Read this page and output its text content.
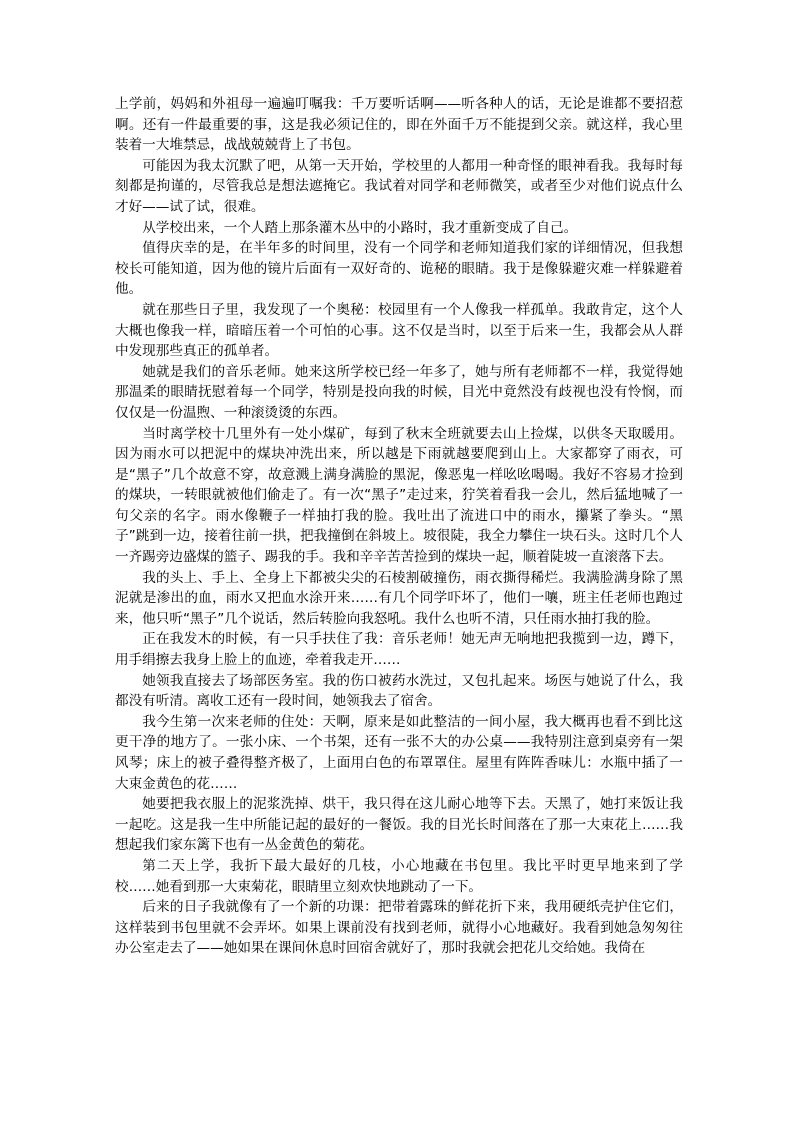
上学前，妈妈和外祖母一遍遍叮嘱我：千万要听话啊——听各种人的话，无论是谁都不要招惹啊。还有一件最重要的事，这是我必须记住的，即在外面千万不能提到父亲。就这样，我心里装着一大堆禁忌，战战兢兢背上了书包。

可能因为我太沉默了吧，从第一天开始，学校里的人都用一种奇怪的眼神看我。我每时每刻都是拘谨的，尽管我总是想法遮掩它。我试着对同学和老师微笑，或者至少对他们说点什么才好——试了试，很难。

从学校出来，一个人踏上那条灌木丛中的小路时，我才重新变成了自己。

值得庆幸的是，在半年多的时间里，没有一个同学和老师知道我们家的详细情况，但我想校长可能知道，因为他的镜片后面有一双好奇的、诡秘的眼睛。我于是像躲避灾难一样躲避着他。

就在那些日子里，我发现了一个奥秘：校园里有一个人像我一样孤单。我敢肯定，这个人大概也像我一样，暗暗压着一个可怕的心事。这不仅是当时，以至于后来一生，我都会从人群中发现那些真正的孤单者。

她就是我们的音乐老师。她来这所学校已经一年多了，她与所有老师都不一样，我觉得她那温柔的眼睛抚慰着每一个同学，特别是投向我的时候，目光中竟然没有歧视也没有怜悯，而仅仅是一份温煦、一种滚烫烫的东西。

当时离学校十几里外有一处小煤矿，每到了秋末全班就要去山上捡煤，以供冬天取暖用。因为雨水可以把泥中的煤块冲洗出来，所以越是下雨就越要爬到山上。大家都穿了雨衣，可是“黑子”几个故意不穿，故意溅上满身满脸的黑泥，像恶鬼一样吆吆喝喝。我好不容易才捡到的煤块，一转眼就被他们偷走了。有一次“黑子”走过来，狞笑着看我一会儿，然后猛地喊了一句父亲的名字。雨水像鞭子一样抽打我的脸。我吐出了流进口中的雨水，攥紧了拳头。“黑子”跳到一边，接着往前一拱，把我撞倒在斜坡上。坡很陡，我全力攀住一块石头。这时几个人一齐踢旁边盛煤的篮子、踢我的手。我和辛辛苦苦捡到的煤块一起，顺着陡坡一直滚落下去。

我的头上、手上、全身上下都被尖尖的石棱割破撞伤，雨衣撕得稀烂。我满脸满身除了黑泥就是渗出的血，雨水又把血水涂开来……有几个同学吓坏了，他们一嚷，班主任老师也跑过来，他只听“黑子”几个说话，然后转脸向我怒吼。我什么也听不清，只任雨水抽打我的脸。

正在我发木的时候，有一只手扶住了我：音乐老师！她无声无响地把我揽到一边，蹲下，用手绢擦去我身上脸上的血迹，牵着我走开……

她领我直接去了场部医务室。我的伤口被药水洗过，又包扎起来。场医与她说了什么，我都没有听清。离收工还有一段时间，她领我去了宿舍。

我今生第一次来老师的住处：天啊，原来是如此整洁的一间小屋，我大概再也看不到比这更干净的地方了。一张小床、一个书架，还有一张不大的办公桌——我特别注意到桌旁有一架风琴；床上的被子叠得整齐极了，上面用白色的布罩罩住。屋里有阵阵香味儿：水瓶中插了一大束金黄色的花……

她要把我衣服上的泥浆洗掉、烘干，我只得在这儿耐心地等下去。天黑了，她打来饭让我一起吃。这是我一生中所能记起的最好的一餐饭。我的目光长时间落在了那一大束花上……我想起我们家东篱下也有一丛金黄色的菊花。

第二天上学，我折下最大最好的几枝，小心地藏在书包里。我比平时更早地来到了学校……她看到那一大束菊花，眼睛里立刻欢快地跳动了一下。

后来的日子我就像有了一个新的功课：把带着露珠的鲜花折下来，我用硬纸壳护住它们，这样装到书包里就不会弄坏。如果上课前没有找到老师，就得小心地藏好。我看到她急匆匆往办公室走去了——她如果在课间休息时回宿舍就好了，那时我就会把花儿交给她。我倚在
